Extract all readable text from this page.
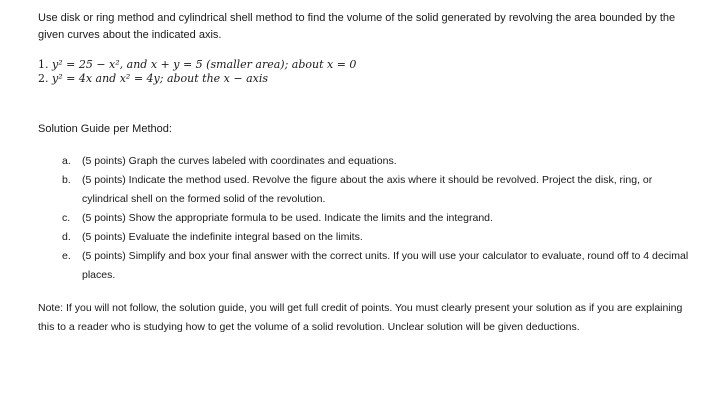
Use disk or ring method and cylindrical shell method to find the volume of the solid generated by revolving the area bounded by the given curves about the indicated axis.

1. y² = 25 − x², and x + y = 5 (smaller area); about x = 0
2. y² = 4x and x² = 4y; about the x − axis
Solution Guide per Method:
a.	(5 points) Graph the curves labeled with coordinates and equations.
b.	(5 points) Indicate the method used. Revolve the figure about the axis where it should be revolved. Project the disk, ring, or cylindrical shell on the formed solid of the revolution.
c.	(5 points) Show the appropriate formula to be used. Indicate the limits and the integrand.
d.	(5 points) Evaluate the indefinite integral based on the limits.
e.	(5 points) Simplify and box your final answer with the correct units. If you will use your calculator to evaluate, round off to 4 decimal places.

Note: If you will not follow, the solution guide, you will get full credit of points. You must clearly present your solution as if you are explaining this to a reader who is studying how to get the volume of a solid revolution. Unclear solution will be given deductions.
